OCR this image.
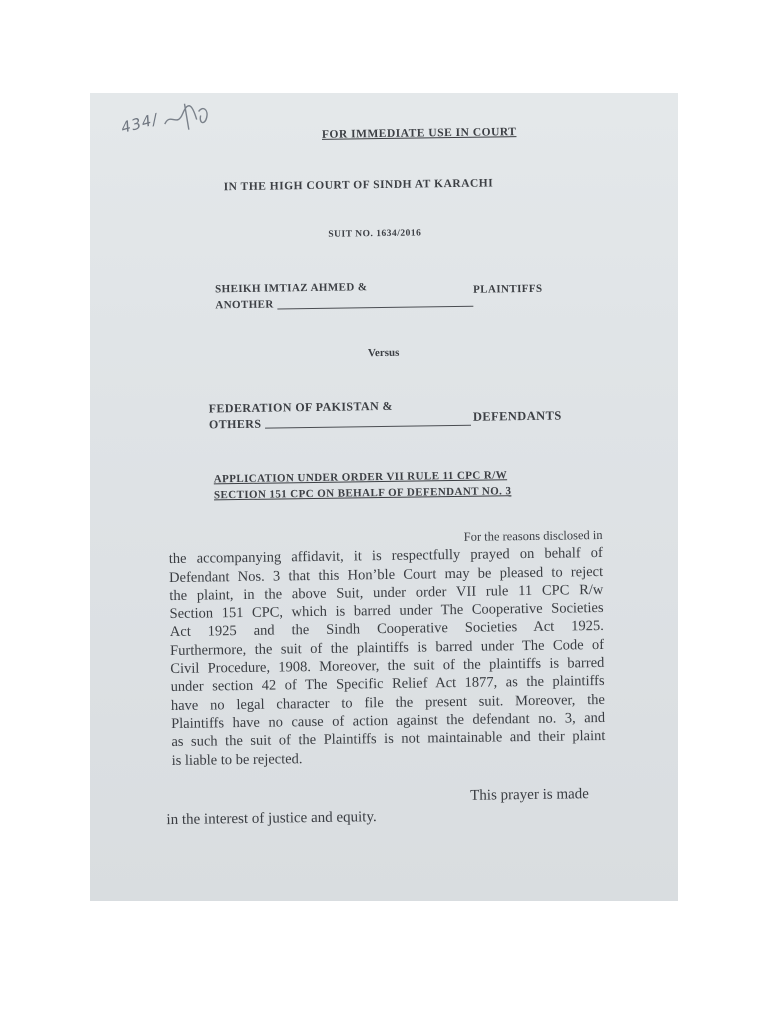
434/	FOR IMMEDIATE USE IN COURT
IN THE HIGH COURT OF SINDH AT KARACHI
SUIT NO. 1634/2016
SHEIKH IMTIAZ AHMED &
ANOTHER
PLAINTIFFS
Versus
FEDERATION OF PAKISTAN &
OTHERS
DEFENDANTS
APPLICATION UNDER ORDER VII RULE 11 CPC R/W
SECTION 151 CPC ON BEHALF OF DEFENDANT NO. 3
For the reasons disclosed in
the accompanying affidavit, it is respectfully prayed on behalf of
Defendant Nos. 3 that this Hon’ble Court may be pleased to reject
the plaint, in the above Suit, under order VII rule 11 CPC R/w
Section 151 CPC, which is barred under The Cooperative Societies
Act 1925 and the Sindh Cooperative Societies Act 1925.
Furthermore, the suit of the plaintiffs is barred under The Code of
Civil Procedure, 1908. Moreover, the suit of the plaintiffs is barred
under section 42 of The Specific Relief Act 1877, as the plaintiffs
have no legal character to file the present suit. Moreover, the
Plaintiffs have no cause of action against the defendant no. 3, and
as such the suit of the Plaintiffs is not maintainable and their plaint
is liable to be rejected.
This prayer is made
in the interest of justice and equity.
